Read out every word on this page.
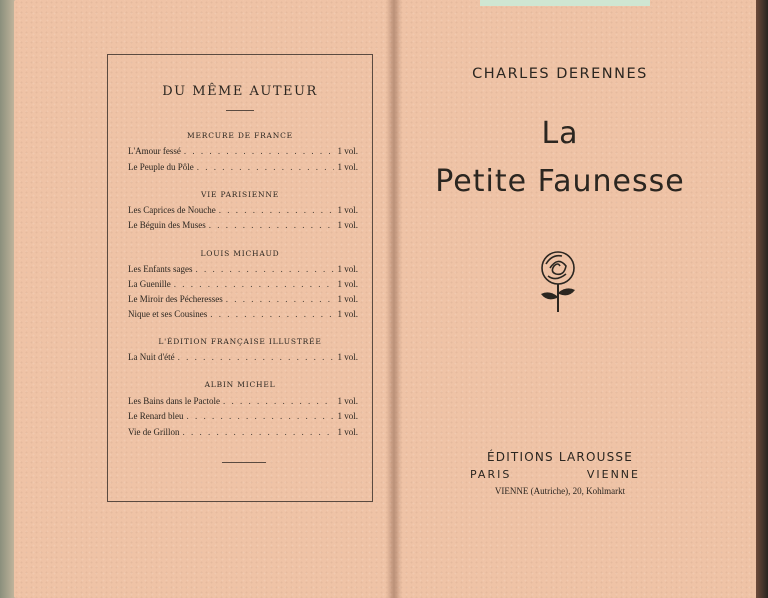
DU MÊME AUTEUR
MERCURE DE FRANCE
L'Amour fessé . . .	1 vol.
Le Peuple du Pôle . . .	1 vol.
VIE PARISIENNE
Les Caprices de Nouche . . .	1 vol.
Le Béguin des Muses . . .	1 vol.
LOUIS MICHAUD
Les Enfants sages . . .	1 vol.
La Guenille . . .	1 vol.
Le Miroir des Pécheresses . . .	1 vol.
Nique et ses Cousines . . .	1 vol.
L'ÉDITION FRANÇAISE ILLUSTRÉE
La Nuit d'été . . .	1 vol.
ALBIN MICHEL
Les Bains dans le Pactole . . .	1 vol.
Le Renard bleu . . .	1 vol.
Vie de Grillon . . .	1 vol.
CHARLES DERENNES
La
Petite Faunesse
ÉDITIONS LAROUSSE
PARIS	VIENNE
VIENNE (Autriche), 20, Kohlmarkt
